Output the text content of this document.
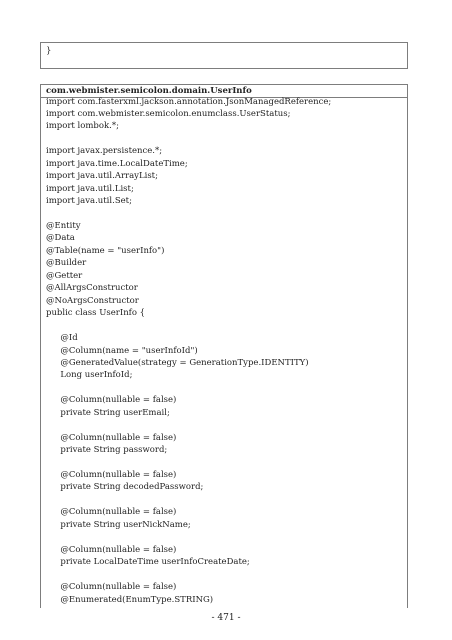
}
com.webmister.semicolon.domain.UserInfo
import com.fasterxml.jackson.annotation.JsonManagedReference;
import com.webmister.semicolon.enumclass.UserStatus;
import lombok.*;
import javax.persistence.*;
import java.time.LocalDateTime;
import java.util.ArrayList;
import java.util.List;
import java.util.Set;
@Entity
@Data
@Table(name = "userInfo")
@Builder
@Getter
@AllArgsConstructor
@NoArgsConstructor
public class UserInfo {
@Id
@Column(name = "userInfoId")
@GeneratedValue(strategy = GenerationType.IDENTITY)
Long userInfoId;
@Column(nullable = false)
private String userEmail;
@Column(nullable = false)
private String password;
@Column(nullable = false)
private String decodedPassword;
@Column(nullable = false)
private String userNickName;
@Column(nullable = false)
private LocalDateTime userInfoCreateDate;
@Column(nullable = false)
@Enumerated(EnumType.STRING)
- 471 -
